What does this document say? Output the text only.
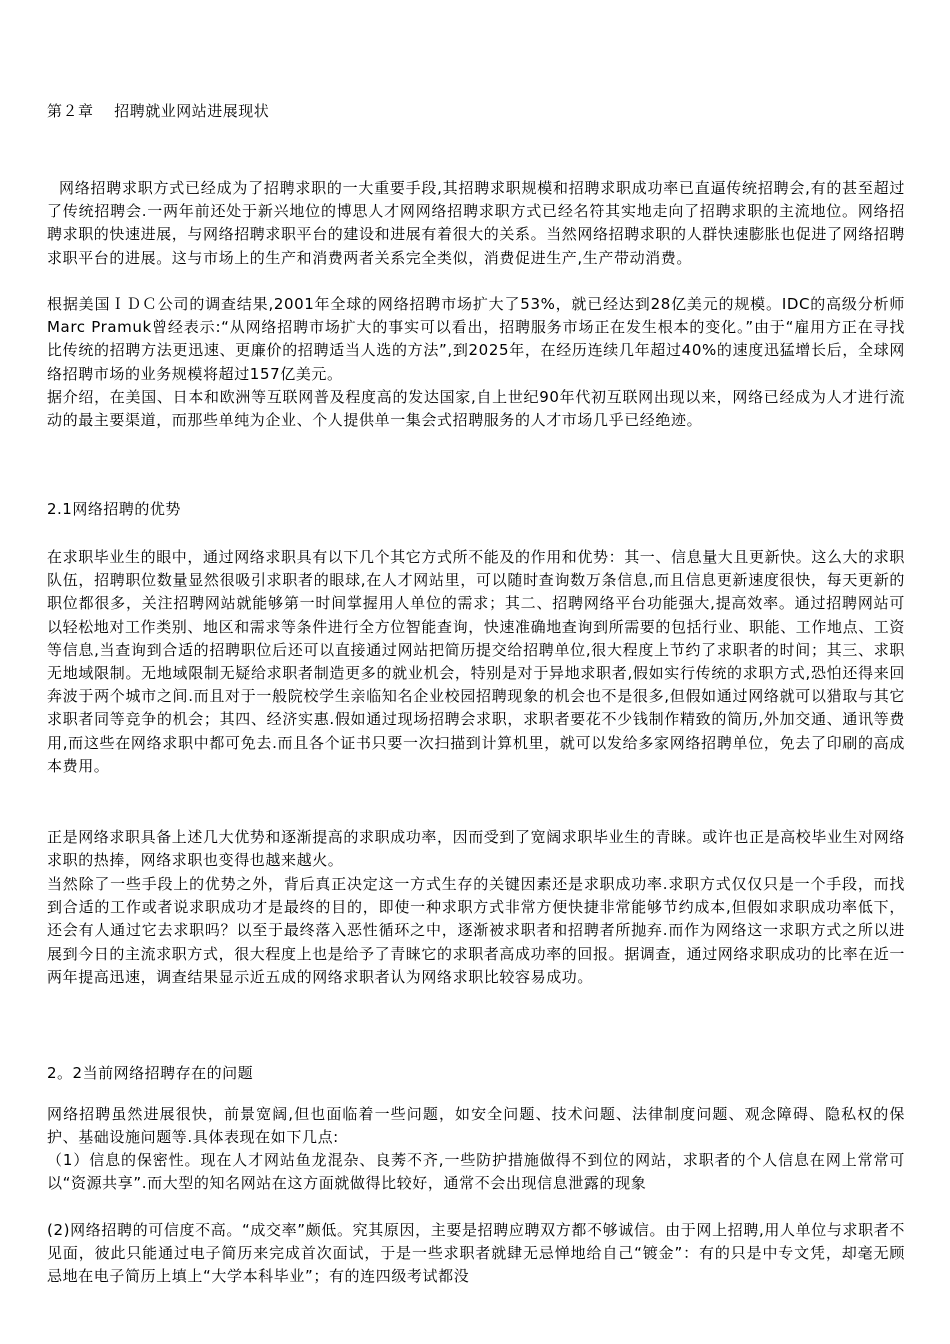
第２章　 招聘就业网站进展现状

网络招聘求职方式已经成为了招聘求职的一大重要手段,其招聘求职规模和招聘求职成功率已直逼传统招聘会,有的甚至超过了传统招聘会.一两年前还处于新兴地位的博思人才网网络招聘求职方式已经名符其实地走向了招聘求职的主流地位。网络招聘求职的快速进展，与网络招聘求职平台的建设和进展有着很大的关系。当然网络招聘求职的人群快速膨胀也促进了网络招聘求职平台的进展。这与市场上的生产和消费两者关系完全类似，消费促进生产,生产带动消费。

根据美国ＩＤＣ公司的调查结果,2001年全球的网络招聘市场扩大了53%，就已经达到28亿美元的规模。IDC的高级分析师Marc Pramuk曾经表示:“从网络招聘市场扩大的事实可以看出，招聘服务市场正在发生根本的变化。”由于“雇用方正在寻找比传统的招聘方法更迅速、更廉价的招聘适当人选的方法”,到2025年，在经历连续几年超过40%的速度迅猛增长后，全球网络招聘市场的业务规模将超过157亿美元。

据介绍，在美国、日本和欧洲等互联网普及程度高的发达国家,自上世纪90年代初互联网出现以来，网络已经成为人才进行流动的最主要渠道，而那些单纯为企业、个人提供单一集会式招聘服务的人才市场几乎已经绝迹。

2.1网络招聘的优势

在求职毕业生的眼中，通过网络求职具有以下几个其它方式所不能及的作用和优势：其一、信息量大且更新快。这么大的求职队伍，招聘职位数量显然很吸引求职者的眼球,在人才网站里，可以随时查询数万条信息,而且信息更新速度很快，每天更新的职位都很多，关注招聘网站就能够第一时间掌握用人单位的需求；其二、招聘网络平台功能强大,提高效率。通过招聘网站可以轻松地对工作类别、地区和需求等条件进行全方位智能查询，快速准确地查询到所需要的包括行业、职能、工作地点、工资等信息,当查询到合适的招聘职位后还可以直接通过网站把简历提交给招聘单位,很大程度上节约了求职者的时间；其三、求职无地域限制。无地域限制无疑给求职者制造更多的就业机会，特别是对于异地求职者,假如实行传统的求职方式,恐怕还得来回奔波于两个城市之间.而且对于一般院校学生亲临知名企业校园招聘现象的机会也不是很多,但假如通过网络就可以猎取与其它求职者同等竞争的机会；其四、经济实惠.假如通过现场招聘会求职，求职者要花不少钱制作精致的简历,外加交通、通讯等费用,而这些在网络求职中都可免去.而且各个证书只要一次扫描到计算机里，就可以发给多家网络招聘单位，免去了印刷的高成本费用。

正是网络求职具备上述几大优势和逐渐提高的求职成功率，因而受到了宽阔求职毕业生的青睐。或许也正是高校毕业生对网络求职的热捧，网络求职也变得也越来越火。

当然除了一些手段上的优势之外，背后真正决定这一方式生存的关键因素还是求职成功率.求职方式仅仅只是一个手段，而找到合适的工作或者说求职成功才是最终的目的，即使一种求职方式非常方便快捷非常能够节约成本,但假如求职成功率低下，还会有人通过它去求职吗？以至于最终落入恶性循环之中，逐渐被求职者和招聘者所抛弃.而作为网络这一求职方式之所以进展到今日的主流求职方式，很大程度上也是给予了青睐它的求职者高成功率的回报。据调查，通过网络求职成功的比率在近一两年提高迅速，调查结果显示近五成的网络求职者认为网络求职比较容易成功。

2。2当前网络招聘存在的问题

网络招聘虽然进展很快，前景宽阔,但也面临着一些问题，如安全问题、技术问题、法律制度问题、观念障碍、隐私权的保护、基础设施问题等.具体表现在如下几点:

（1）信息的保密性。现在人才网站鱼龙混杂、良莠不齐,一些防护措施做得不到位的网站，求职者的个人信息在网上常常可以“资源共享”.而大型的知名网站在这方面就做得比较好，通常不会出现信息泄露的现象

(2)网络招聘的可信度不高。“成交率”颇低。究其原因，主要是招聘应聘双方都不够诚信。由于网上招聘,用人单位与求职者不见面，彼此只能通过电子简历来完成首次面试，于是一些求职者就肆无忌惮地给自己“镀金”：有的只是中专文凭，却毫无顾忌地在电子简历上填上“大学本科毕业”；有的连四级考试都没
